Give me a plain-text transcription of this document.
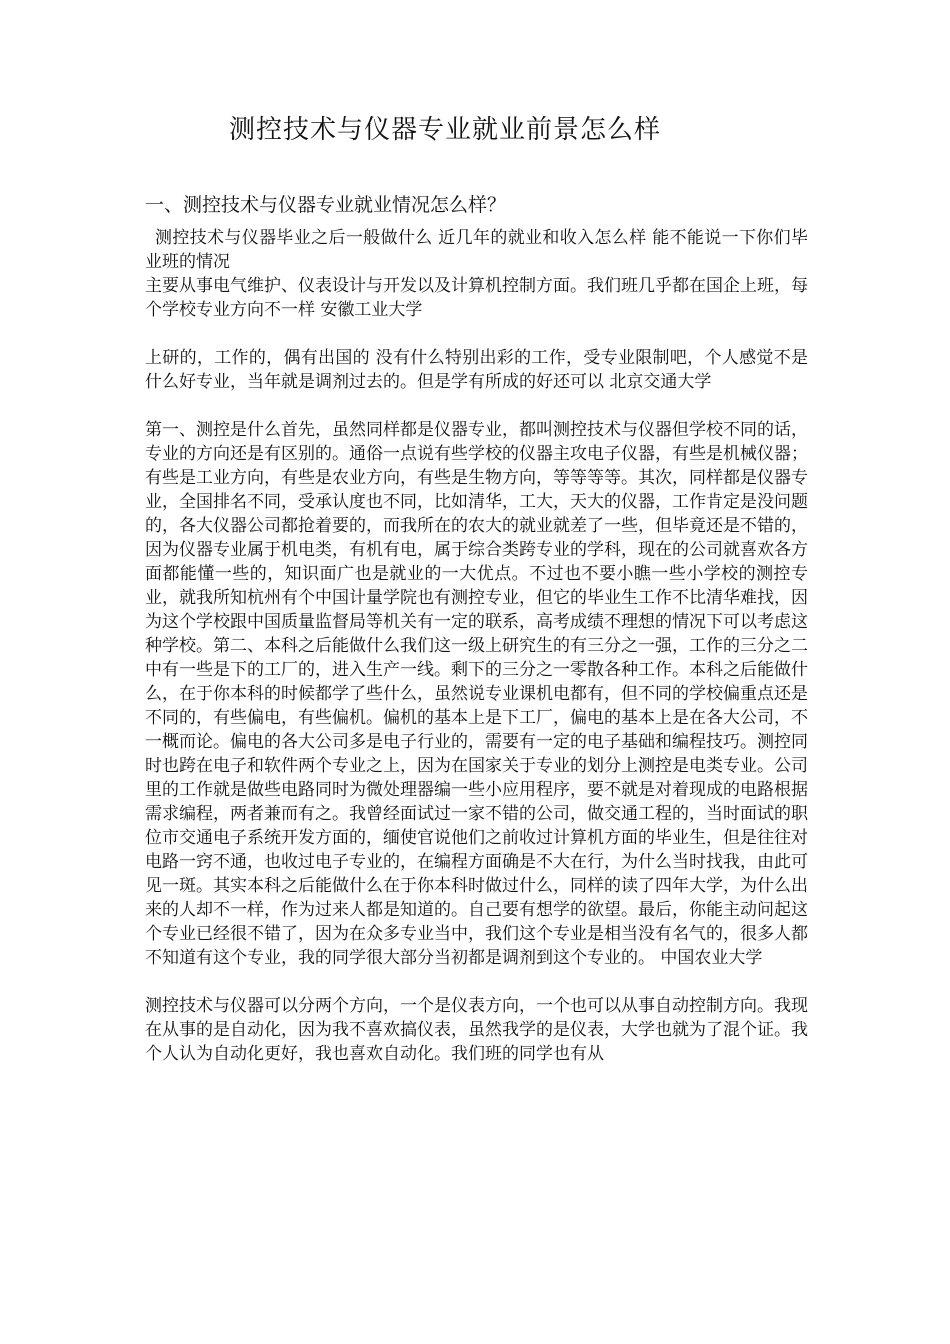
测控技术与仪器专业就业前景怎么样
一、测控技术与仪器专业就业情况怎么样？

测控技术与仪器毕业之后一般做什么 近几年的就业和收入怎么样 能不能说一下你们毕业班的情况

主要从事电气维护、仪表设计与开发以及计算机控制方面。我们班几乎都在国企上班，每个学校专业方向不一样 安徽工业大学

上研的，工作的，偶有出国的 没有什么特别出彩的工作，受专业限制吧，个人感觉不是什么好专业，当年就是调剂过去的。但是学有所成的好还可以 北京交通大学

第一、测控是什么首先，虽然同样都是仪器专业，都叫测控技术与仪器但学校不同的话，专业的方向还是有区别的。通俗一点说有些学校的仪器主攻电子仪器，有些是机械仪器；有些是工业方向，有些是农业方向，有些是生物方向，等等等等。其次，同样都是仪器专业，全国排名不同，受承认度也不同，比如清华，工大，天大的仪器，工作肯定是没问题的，各大仪器公司都抢着要的，而我所在的农大的就业就差了一些，但毕竟还是不错的，因为仪器专业属于机电类，有机有电，属于综合类跨专业的学科，现在的公司就喜欢各方面都能懂一些的，知识面广也是就业的一大优点。不过也不要小瞧一些小学校的测控专业，就我所知杭州有个中国计量学院也有测控专业，但它的毕业生工作不比清华难找，因为这个学校跟中国质量监督局等机关有一定的联系，高考成绩不理想的情况下可以考虑这种学校。第二、本科之后能做什么我们这一级上研究生的有三分之一强，工作的三分之二中有一些是下的工厂的，进入生产一线。剩下的三分之一零散各种工作。本科之后能做什么，在于你本科的时候都学了些什么，虽然说专业课机电都有，但不同的学校偏重点还是不同的，有些偏电，有些偏机。偏机的基本上是下工厂，偏电的基本上是在各大公司，不一概而论。偏电的各大公司多是电子行业的，需要有一定的电子基础和编程技巧。测控同时也跨在电子和软件两个专业之上，因为在国家关于专业的划分上测控是电类专业。公司里的工作就是做些电路同时为微处理器编一些小应用程序，要不就是对着现成的电路根据需求编程，两者兼而有之。我曾经面试过一家不错的公司，做交通工程的，当时面试的职位市交通电子系统开发方面的，缅使官说他们之前收过计算机方面的毕业生，但是往往对电路一窍不通，也收过电子专业的，在编程方面确是不大在行，为什么当时找我，由此可见一斑。其实本科之后能做什么在于你本科时做过什么，同样的读了四年大学，为什么出来的人却不一样，作为过来人都是知道的。自己要有想学的欲望。最后，你能主动问起这个专业已经很不错了，因为在众多专业当中，我们这个专业是相当没有名气的，很多人都不知道有这个专业，我的同学很大部分当初都是调剂到这个专业的。 中国农业大学

测控技术与仪器可以分两个方向，一个是仪表方向，一个也可以从事自动控制方向。我现在从事的是自动化，因为我不喜欢搞仪表，虽然我学的是仪表，大学也就为了混个证。我个人认为自动化更好，我也喜欢自动化。我们班的同学也有从
